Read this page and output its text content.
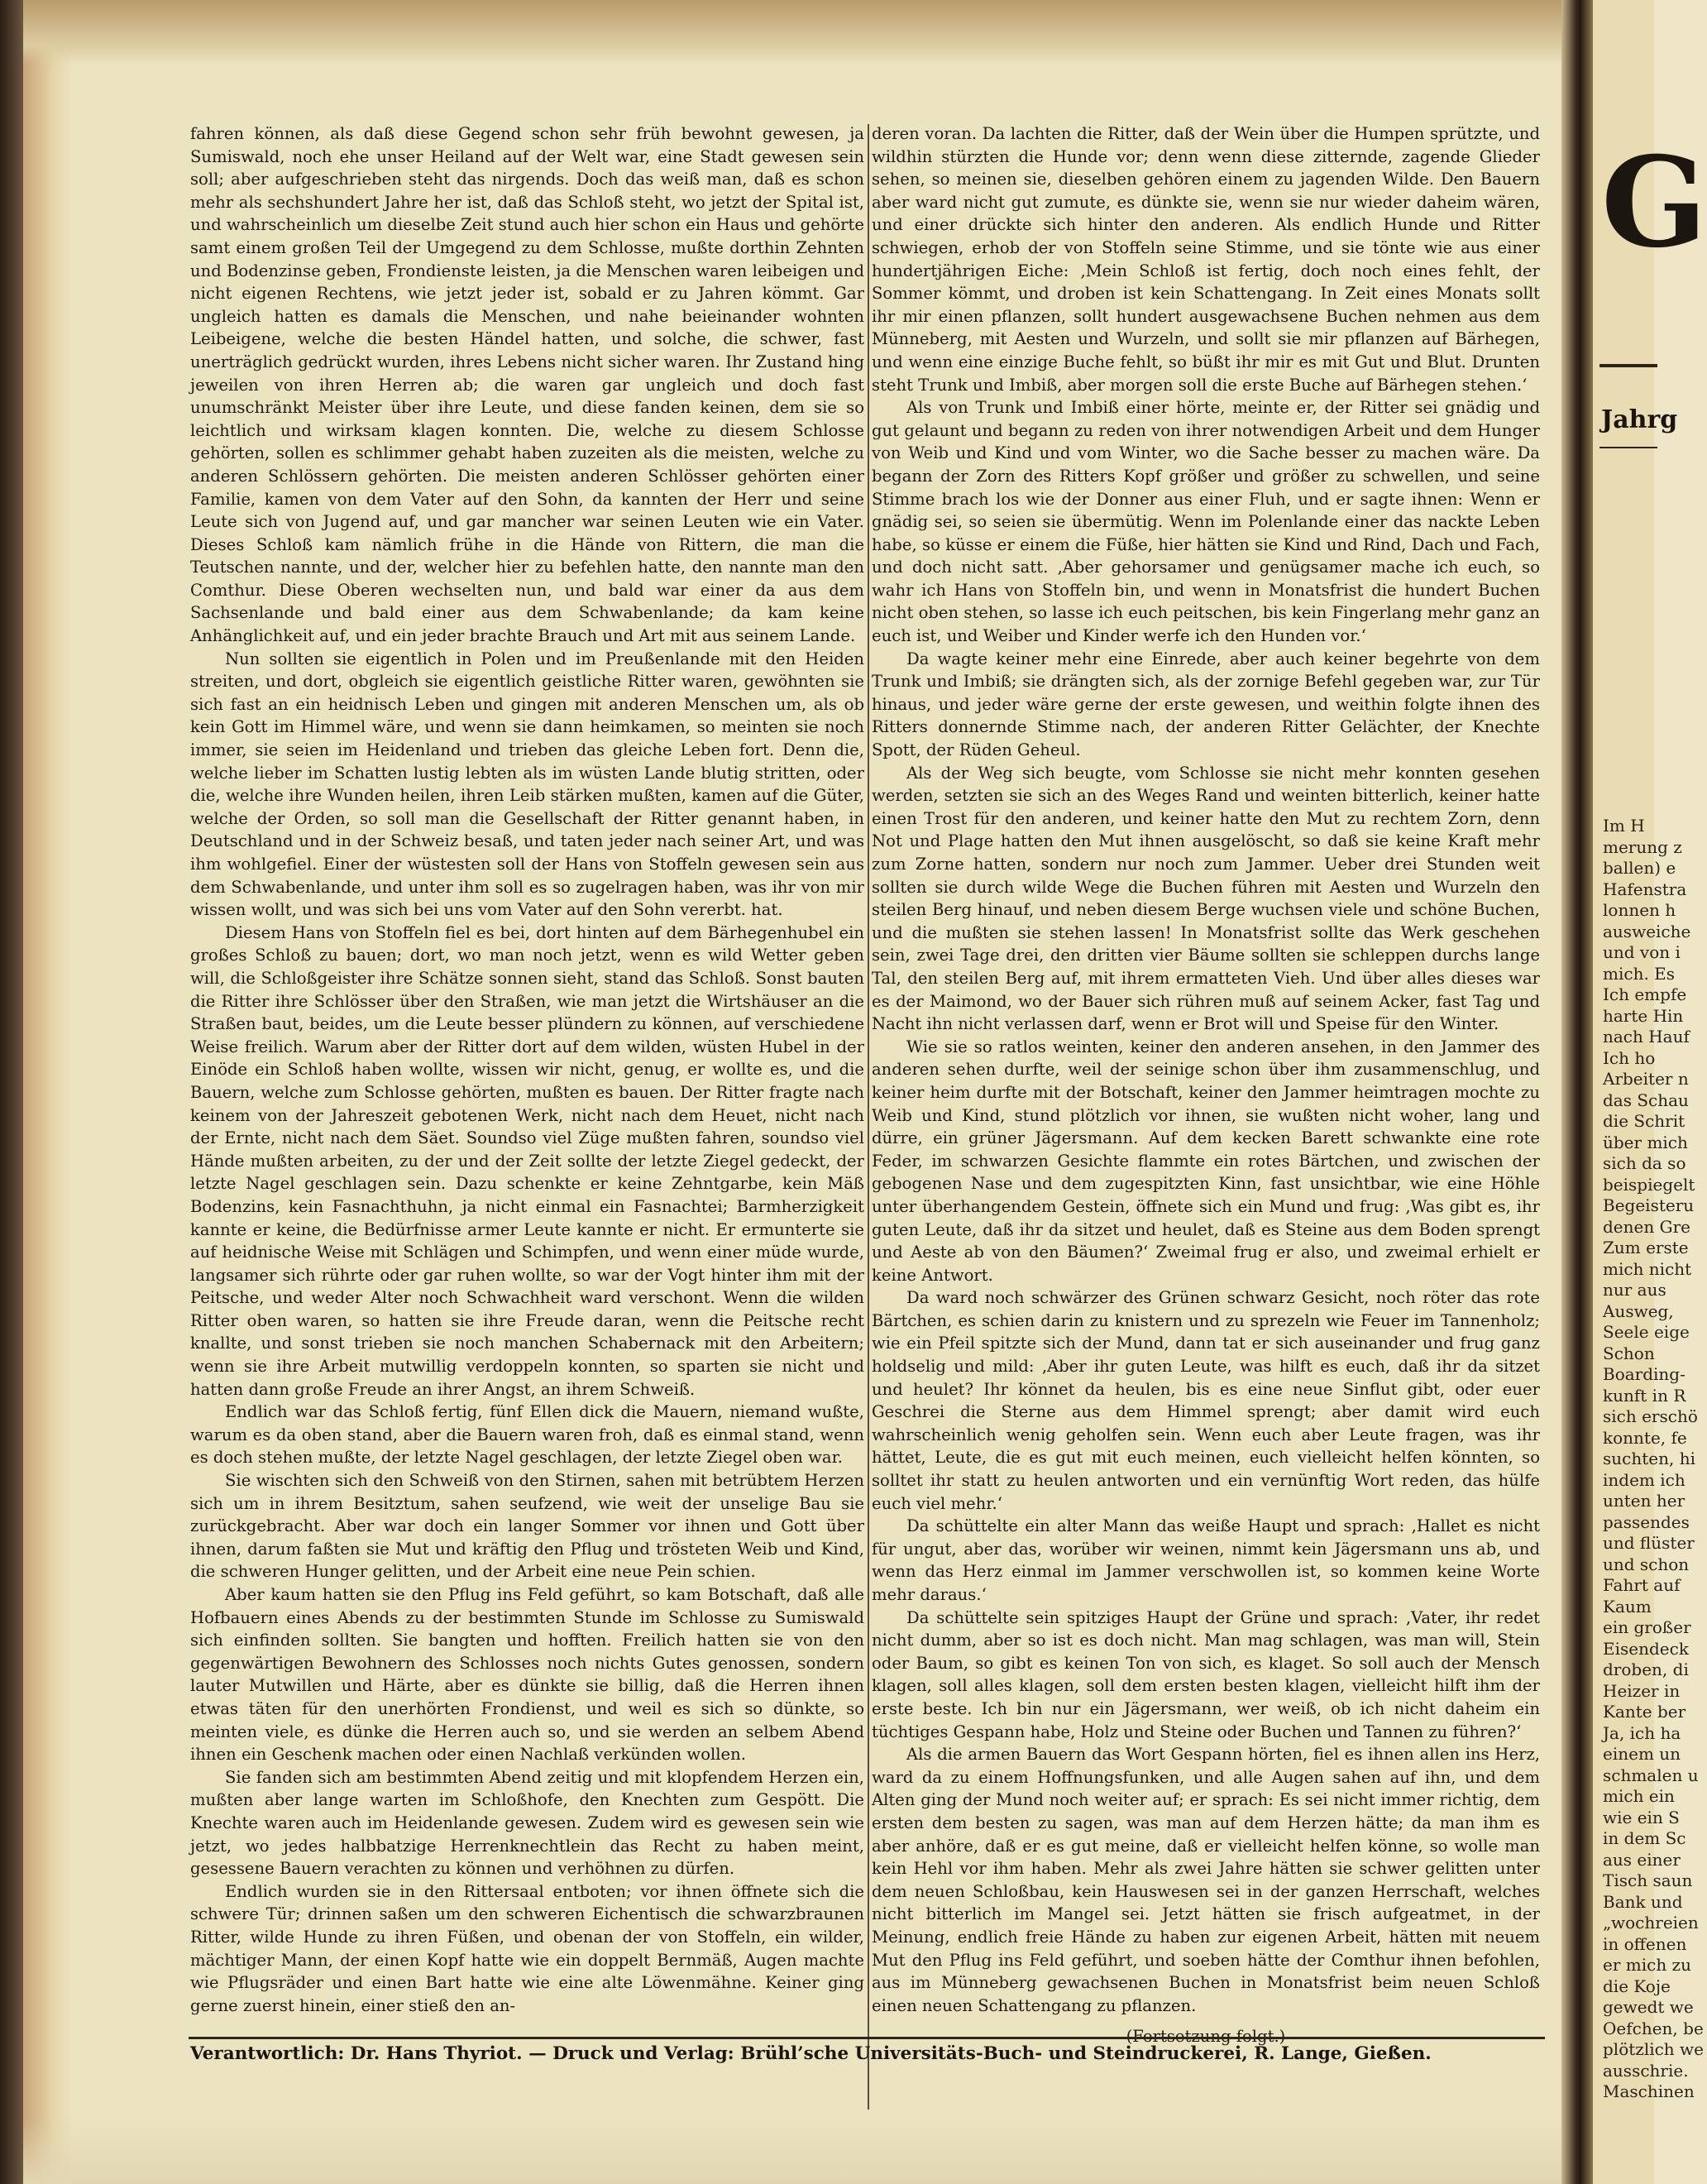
fahren können, als daß diese Gegend schon sehr früh bewohnt gewesen, ja Sumiswald, noch ehe unser Heiland auf der Welt war, eine Stadt gewesen sein soll; aber aufgeschrieben steht das nirgends. Doch das weiß man, daß es schon mehr als sechshundert Jahre her ist, daß das Schloß steht, wo jetzt der Spital ist, und wahrscheinlich um dieselbe Zeit stund auch hier schon ein Haus und gehörte samt einem großen Teil der Umgegend zu dem Schlosse, mußte dorthin Zehnten und Bodenzinse geben, Frondienste leisten, ja die Menschen waren leibeigen und nicht eigenen Rechtens, wie jetzt jeder ist, sobald er zu Jahren kömmt. Gar ungleich hatten es damals die Menschen, und nahe beieinander wohnten Leibeigene, welche die besten Händel hatten, und solche, die schwer, fast unerträglich gedrückt wurden, ihres Lebens nicht sicher waren. Ihr Zustand hing jeweilen von ihren Herren ab; die waren gar ungleich und doch fast unumschränkt Meister über ihre Leute, und diese fanden keinen, dem sie so leichtlich und wirksam klagen konnten. Die, welche zu diesem Schlosse gehörten, sollen es schlimmer gehabt haben zuzeiten als die meisten, welche zu anderen Schlössern gehörten. Die meisten anderen Schlösser gehörten einer Familie, kamen von dem Vater auf den Sohn, da kannten der Herr und seine Leute sich von Jugend auf, und gar mancher war seinen Leuten wie ein Vater. Dieses Schloß kam nämlich frühe in die Hände von Rittern, die man die Teutschen nannte, und der, welcher hier zu befehlen hatte, den nannte man den Comthur. Diese Oberen wechselten nun, und bald war einer da aus dem Sachsenlande und bald einer aus dem Schwabenlande; da kam keine Anhänglichkeit auf, und ein jeder brachte Brauch und Art mit aus seinem Lande.

Nun sollten sie eigentlich in Polen und im Preußenlande mit den Heiden streiten, und dort, obgleich sie eigentlich geistliche Ritter waren, gewöhnten sie sich fast an ein heidnisch Leben und gingen mit anderen Menschen um, als ob kein Gott im Himmel wäre, und wenn sie dann heimkamen, so meinten sie noch immer, sie seien im Heidenland und trieben das gleiche Leben fort. Denn die, welche lieber im Schatten lustig lebten als im wüsten Lande blutig stritten, oder die, welche ihre Wunden heilen, ihren Leib stärken mußten, kamen auf die Güter, welche der Orden, so soll man die Gesellschaft der Ritter genannt haben, in Deutschland und in der Schweiz besaß, und taten jeder nach seiner Art, und was ihm wohlgefiel. Einer der wüstesten soll der Hans von Stoffeln gewesen sein aus dem Schwabenlande, und unter ihm soll es so zugelragen haben, was ihr von mir wissen wollt, und was sich bei uns vom Vater auf den Sohn vererbt. hat.

Diesem Hans von Stoffeln fiel es bei, dort hinten auf dem Bärhegenhubel ein großes Schloß zu bauen; dort, wo man noch jetzt, wenn es wild Wetter geben will, die Schloßgeister ihre Schätze sonnen sieht, stand das Schloß. Sonst bauten die Ritter ihre Schlösser über den Straßen, wie man jetzt die Wirtshäuser an die Straßen baut, beides, um die Leute besser plündern zu können, auf verschiedene Weise freilich. Warum aber der Ritter dort auf dem wilden, wüsten Hubel in der Einöde ein Schloß haben wollte, wissen wir nicht, genug, er wollte es, und die Bauern, welche zum Schlosse gehörten, mußten es bauen. Der Ritter fragte nach keinem von der Jahreszeit gebotenen Werk, nicht nach dem Heuet, nicht nach der Ernte, nicht nach dem Säet. Soundso viel Züge mußten fahren, soundso viel Hände mußten arbeiten, zu der und der Zeit sollte der letzte Ziegel gedeckt, der letzte Nagel geschlagen sein. Dazu schenkte er keine Zehntgarbe, kein Mäß Bodenzins, kein Fasnachthuhn, ja nicht einmal ein Fasnachtei; Barmherzigkeit kannte er keine, die Bedürfnisse armer Leute kannte er nicht. Er ermunterte sie auf heidnische Weise mit Schlägen und Schimpfen, und wenn einer müde wurde, langsamer sich rührte oder gar ruhen wollte, so war der Vogt hinter ihm mit der Peitsche, und weder Alter noch Schwachheit ward verschont. Wenn die wilden Ritter oben waren, so hatten sie ihre Freude daran, wenn die Peitsche recht knallte, und sonst trieben sie noch manchen Schabernack mit den Arbeitern; wenn sie ihre Arbeit mutwillig verdoppeln konnten, so sparten sie nicht und hatten dann große Freude an ihrer Angst, an ihrem Schweiß.

Endlich war das Schloß fertig, fünf Ellen dick die Mauern, niemand wußte, warum es da oben stand, aber die Bauern waren froh, daß es einmal stand, wenn es doch stehen mußte, der letzte Nagel geschlagen, der letzte Ziegel oben war.

Sie wischten sich den Schweiß von den Stirnen, sahen mit betrübtem Herzen sich um in ihrem Besitztum, sahen seufzend, wie weit der unselige Bau sie zurückgebracht. Aber war doch ein langer Sommer vor ihnen und Gott über ihnen, darum faßten sie Mut und kräftig den Pflug und trösteten Weib und Kind, die schweren Hunger gelitten, und der Arbeit eine neue Pein schien.

Aber kaum hatten sie den Pflug ins Feld geführt, so kam Botschaft, daß alle Hofbauern eines Abends zu der bestimmten Stunde im Schlosse zu Sumiswald sich einfinden sollten. Sie bangten und hofften. Freilich hatten sie von den gegenwärtigen Bewohnern des Schlosses noch nichts Gutes genossen, sondern lauter Mutwillen und Härte, aber es dünkte sie billig, daß die Herren ihnen etwas täten für den unerhörten Frondienst, und weil es sich so dünkte, so meinten viele, es dünke die Herren auch so, und sie werden an selbem Abend ihnen ein Geschenk machen oder einen Nachlaß verkünden wollen.

Sie fanden sich am bestimmten Abend zeitig und mit klopfendem Herzen ein, mußten aber lange warten im Schloßhofe, den Knechten zum Gespött. Die Knechte waren auch im Heidenlande gewesen. Zudem wird es gewesen sein wie jetzt, wo jedes halbbatzige Herrenknechtlein das Recht zu haben meint, gesessene Bauern verachten zu können und verhöhnen zu dürfen.

Endlich wurden sie in den Rittersaal entboten; vor ihnen öffnete sich die schwere Tür; drinnen saßen um den schweren Eichentisch die schwarzbraunen Ritter, wilde Hunde zu ihren Füßen, und obenan der von Stoffeln, ein wilder, mächtiger Mann, der einen Kopf hatte wie ein doppelt Bernmäß, Augen machte wie Pflugsräder und einen Bart hatte wie eine alte Löwenmähne. Keiner ging gerne zuerst hinein, einer stieß den an-

deren voran. Da lachten die Ritter, daß der Wein über die Humpen sprützte, und wildhin stürzten die Hunde vor; denn wenn diese zitternde, zagende Glieder sehen, so meinen sie, dieselben gehören einem zu jagenden Wilde. Den Bauern aber ward nicht gut zumute, es dünkte sie, wenn sie nur wieder daheim wären, und einer drückte sich hinter den anderen. Als endlich Hunde und Ritter schwiegen, erhob der von Stoffeln seine Stimme, und sie tönte wie aus einer hundertjährigen Eiche: ‚Mein Schloß ist fertig, doch noch eines fehlt, der Sommer kömmt, und droben ist kein Schattengang. In Zeit eines Monats sollt ihr mir einen pflanzen, sollt hundert ausgewachsene Buchen nehmen aus dem Münneberg, mit Aesten und Wurzeln, und sollt sie mir pflanzen auf Bärhegen, und wenn eine einzige Buche fehlt, so büßt ihr mir es mit Gut und Blut. Drunten steht Trunk und Imbiß, aber morgen soll die erste Buche auf Bärhegen stehen.‘

Als von Trunk und Imbiß einer hörte, meinte er, der Ritter sei gnädig und gut gelaunt und begann zu reden von ihrer notwendigen Arbeit und dem Hunger von Weib und Kind und vom Winter, wo die Sache besser zu machen wäre. Da begann der Zorn des Ritters Kopf größer und größer zu schwellen, und seine Stimme brach los wie der Donner aus einer Fluh, und er sagte ihnen: Wenn er gnädig sei, so seien sie übermütig. Wenn im Polenlande einer das nackte Leben habe, so küsse er einem die Füße, hier hätten sie Kind und Rind, Dach und Fach, und doch nicht satt. ‚Aber gehorsamer und genügsamer mache ich euch, so wahr ich Hans von Stoffeln bin, und wenn in Monatsfrist die hundert Buchen nicht oben stehen, so lasse ich euch peitschen, bis kein Fingerlang mehr ganz an euch ist, und Weiber und Kinder werfe ich den Hunden vor.‘

Da wagte keiner mehr eine Einrede, aber auch keiner begehrte von dem Trunk und Imbiß; sie drängten sich, als der zornige Befehl gegeben war, zur Tür hinaus, und jeder wäre gerne der erste gewesen, und weithin folgte ihnen des Ritters donnernde Stimme nach, der anderen Ritter Gelächter, der Knechte Spott, der Rüden Geheul.

Als der Weg sich beugte, vom Schlosse sie nicht mehr konnten gesehen werden, setzten sie sich an des Weges Rand und weinten bitterlich, keiner hatte einen Trost für den anderen, und keiner hatte den Mut zu rechtem Zorn, denn Not und Plage hatten den Mut ihnen ausgelöscht, so daß sie keine Kraft mehr zum Zorne hatten, sondern nur noch zum Jammer. Ueber drei Stunden weit sollten sie durch wilde Wege die Buchen führen mit Aesten und Wurzeln den steilen Berg hinauf, und neben diesem Berge wuchsen viele und schöne Buchen, und die mußten sie stehen lassen! In Monatsfrist sollte das Werk geschehen sein, zwei Tage drei, den dritten vier Bäume sollten sie schleppen durchs lange Tal, den steilen Berg auf, mit ihrem ermatteten Vieh. Und über alles dieses war es der Maimond, wo der Bauer sich rühren muß auf seinem Acker, fast Tag und Nacht ihn nicht verlassen darf, wenn er Brot will und Speise für den Winter.

Wie sie so ratlos weinten, keiner den anderen ansehen, in den Jammer des anderen sehen durfte, weil der seinige schon über ihm zusammenschlug, und keiner heim durfte mit der Botschaft, keiner den Jammer heimtragen mochte zu Weib und Kind, stund plötzlich vor ihnen, sie wußten nicht woher, lang und dürre, ein grüner Jägersmann. Auf dem kecken Barett schwankte eine rote Feder, im schwarzen Gesichte flammte ein rotes Bärtchen, und zwischen der gebogenen Nase und dem zugespitzten Kinn, fast unsichtbar, wie eine Höhle unter überhangendem Gestein, öffnete sich ein Mund und frug: ‚Was gibt es, ihr guten Leute, daß ihr da sitzet und heulet, daß es Steine aus dem Boden sprengt und Aeste ab von den Bäumen?‘ Zweimal frug er also, und zweimal erhielt er keine Antwort.

Da ward noch schwärzer des Grünen schwarz Gesicht, noch röter das rote Bärtchen, es schien darin zu knistern und zu sprezeln wie Feuer im Tannenholz; wie ein Pfeil spitzte sich der Mund, dann tat er sich auseinander und frug ganz holdselig und mild: ‚Aber ihr guten Leute, was hilft es euch, daß ihr da sitzet und heulet? Ihr könnet da heulen, bis es eine neue Sinflut gibt, oder euer Geschrei die Sterne aus dem Himmel sprengt; aber damit wird euch wahrscheinlich wenig geholfen sein. Wenn euch aber Leute fragen, was ihr hättet, Leute, die es gut mit euch meinen, euch vielleicht helfen könnten, so solltet ihr statt zu heulen antworten und ein vernünftig Wort reden, das hülfe euch viel mehr.‘

Da schüttelte ein alter Mann das weiße Haupt und sprach: ‚Hallet es nicht für ungut, aber das, worüber wir weinen, nimmt kein Jägersmann uns ab, und wenn das Herz einmal im Jammer verschwollen ist, so kommen keine Worte mehr daraus.‘

Da schüttelte sein spitziges Haupt der Grüne und sprach: ‚Vater, ihr redet nicht dumm, aber so ist es doch nicht. Man mag schlagen, was man will, Stein oder Baum, so gibt es keinen Ton von sich, es klaget. So soll auch der Mensch klagen, soll alles klagen, soll dem ersten besten klagen, vielleicht hilft ihm der erste beste. Ich bin nur ein Jägersmann, wer weiß, ob ich nicht daheim ein tüchtiges Gespann habe, Holz und Steine oder Buchen und Tannen zu führen?‘

Als die armen Bauern das Wort Gespann hörten, fiel es ihnen allen ins Herz, ward da zu einem Hoffnungsfunken, und alle Augen sahen auf ihn, und dem Alten ging der Mund noch weiter auf; er sprach: Es sei nicht immer richtig, dem ersten dem besten zu sagen, was man auf dem Herzen hätte; da man ihm es aber anhöre, daß er es gut meine, daß er vielleicht helfen könne, so wolle man kein Hehl vor ihm haben. Mehr als zwei Jahre hätten sie schwer gelitten unter dem neuen Schloßbau, kein Hauswesen sei in der ganzen Herrschaft, welches nicht bitterlich im Mangel sei. Jetzt hätten sie frisch aufgeatmet, in der Meinung, endlich freie Hände zu haben zur eigenen Arbeit, hätten mit neuem Mut den Pflug ins Feld geführt, und soeben hätte der Comthur ihnen befohlen, aus im Münneberg gewachsenen Buchen in Monatsfrist beim neuen Schloß einen neuen Schattengang zu pflanzen.

Verantwortlich: Dr. Hans Thyriot. — Druck und Verlag: Brühl’sche Universitäts-Buch- und Steindruckerei, R. Lange, Gießen.
G
Jahrg
Im H
merung z
ballen) e
Hafenstra
lonnen h
ausweiche
und von i
mich. Es
Ich empfe
harte Hin
nach Hauf
Ich ho
Arbeiter n
das Schau
die Schrit
über mich
sich da so
beispiegelt
Begeisteru
denen Gre
Zum erste
mich nicht
nur aus
Ausweg,
Seele eige
Schon
Boarding-
kunft in R
sich erschö
konnte, fe
suchten, hi
indem ich
unten her
passendes
und flüster
und schon
Fahrt auf
Kaum
ein großer
Eisendeck
droben, di
Heizer in
Kante ber
Ja, ich ha
einem un
schmalen u
mich ein
wie ein S
in dem Sc
aus einer
Tisch saun
Bank und
„wochreien
in offenen
er mich zu
die Koje
gewedt we
Oefchen, be
plötzlich we
ausschrie.
Maschinen
